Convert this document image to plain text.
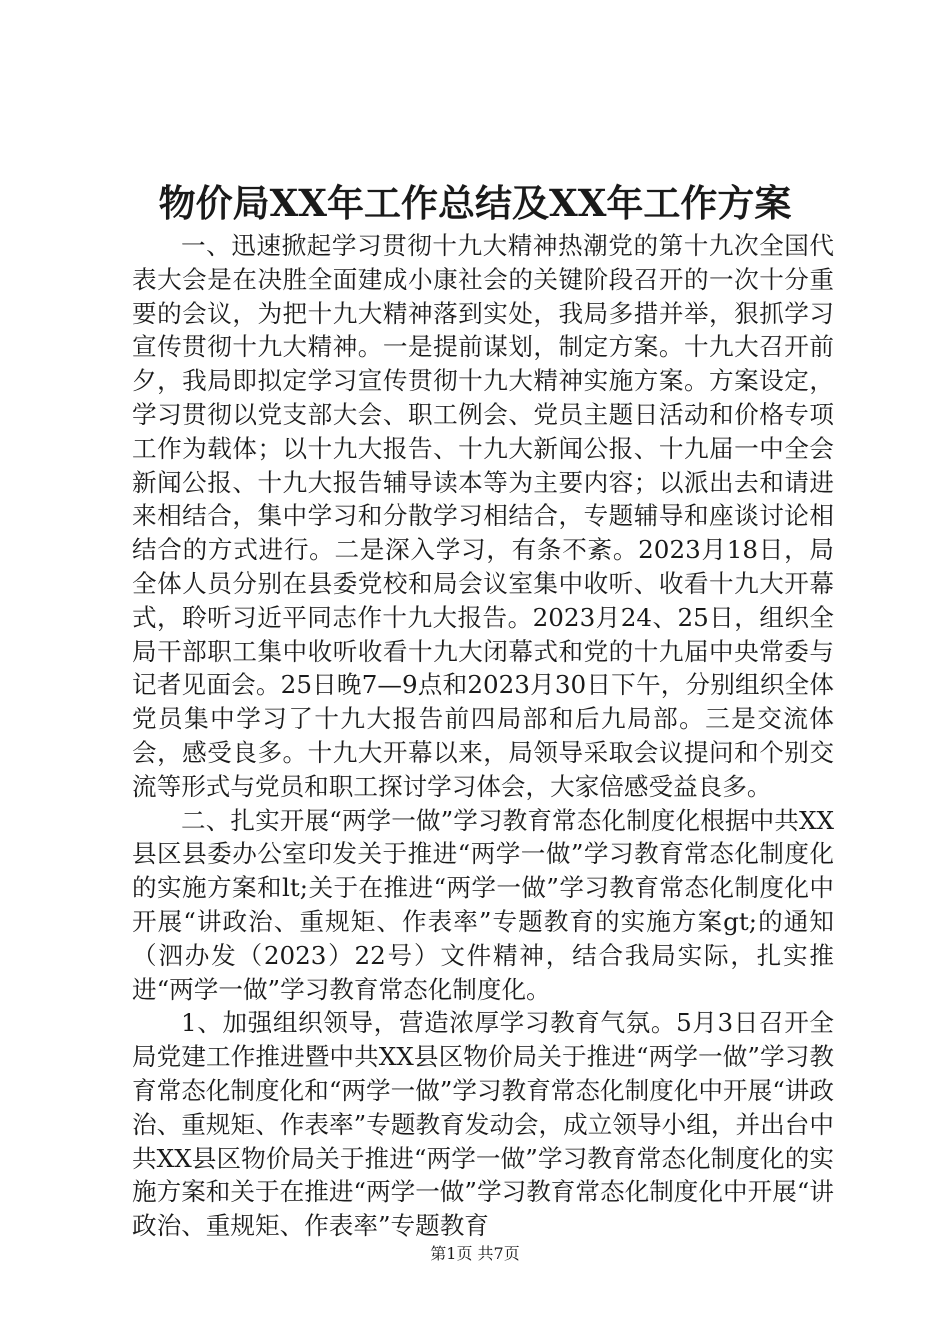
物价局XX年工作总结及XX年工作方案

一、迅速掀起学习贯彻十九大精神热潮党的第十九次全国代表大会是在决胜全面建成小康社会的关键阶段召开的一次十分重要的会议，为把十九大精神落到实处，我局多措并举，狠抓学习宣传贯彻十九大精神。一是提前谋划，制定方案。十九大召开前夕，我局即拟定学习宣传贯彻十九大精神实施方案。方案设定，学习贯彻以党支部大会、职工例会、党员主题日活动和价格专项工作为载体；以十九大报告、十九大新闻公报、十九届一中全会新闻公报、十九大报告辅导读本等为主要内容；以派出去和请进来相结合，集中学习和分散学习相结合，专题辅导和座谈讨论相结合的方式进行。二是深入学习，有条不紊。2023月18日，局全体人员分别在县委党校和局会议室集中收听、收看十九大开幕式，聆听习近平同志作十九大报告。2023月24、25日，组织全局干部职工集中收听收看十九大闭幕式和党的十九届中央常委与记者见面会。25日晚7—9点和2023月30日下午，分别组织全体党员集中学习了十九大报告前四局部和后九局部。三是交流体会，感受良多。十九大开幕以来，局领导采取会议提问和个别交流等形式与党员和职工探讨学习体会，大家倍感受益良多。

二、扎实开展“两学一做”学习教育常态化制度化根据中共XX县区县委办公室印发关于推进“两学一做”学习教育常态化制度化的实施方案和lt;关于在推进“两学一做”学习教育常态化制度化中开展“讲政治、重规矩、作表率”专题教育的实施方案gt;的通知（泗办发（2023）22号）文件精神，结合我局实际，扎实推进“两学一做”学习教育常态化制度化。

1、加强组织领导，营造浓厚学习教育气氛。5月3日召开全局党建工作推进暨中共XX县区物价局关于推进“两学一做”学习教育常态化制度化和“两学一做”学习教育常态化制度化中开展“讲政治、重规矩、作表率”专题教育发动会，成立领导小组，并出台中共XX县区物价局关于推进“两学一做”学习教育常态化制度化的实施方案和关于在推进“两学一做”学习教育常态化制度化中开展“讲政治、重规矩、作表率”专题教育

第1页 共7页
